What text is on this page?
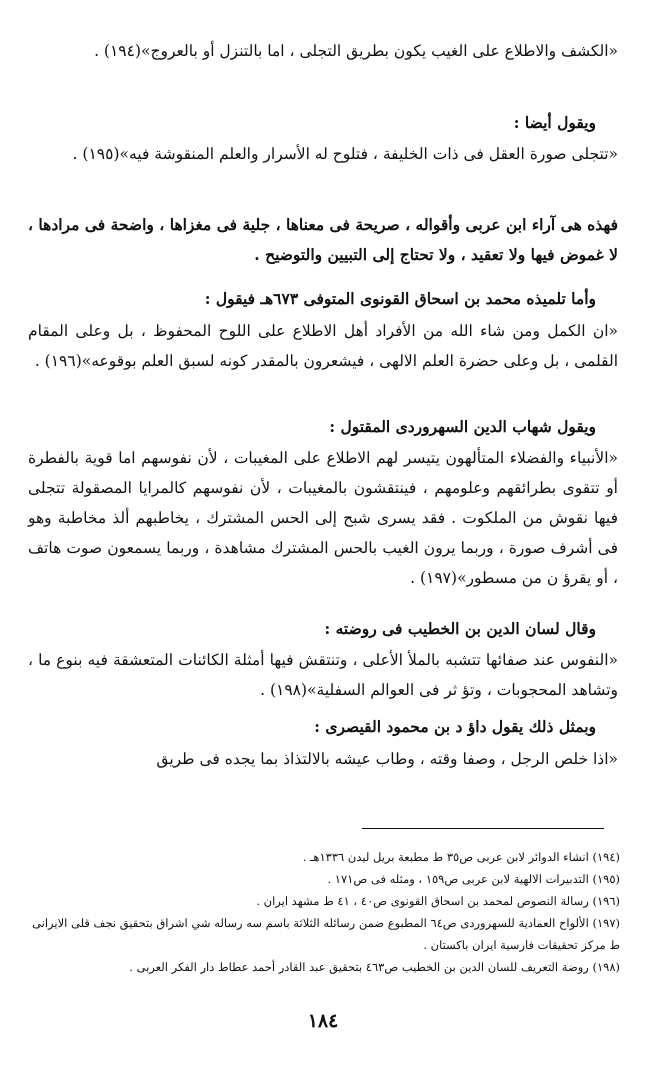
«الكشف والاطلاع على الغيب يكون بطريق التجلى ، اما بالتنزل أو بالعروج»(١٩٤) .
ويقول أيضا :
«تتجلى صورة العقل فى ذات الخليفة ، فتلوح له الأسرار والعلم المنقوشة فيه»(١٩٥) .
فهذه هى آراء ابن عربى وأقواله ، صريحة فى معناها ، جلية فى مغزاها ، واضحة فى مرادها ، لا غموض فيها ولا تعقيد ، ولا تحتاج إلى التبيين والتوضيح .
وأما تلميذه محمد بن اسحاق القونوى المتوفى ٦٧٣هـ فيقول :
«ان الكمل ومن شاء الله من الأفراد أهل الاطلاع على اللوح المحفوظ ، بل وعلى المقام القلمى ، بل وعلى حضرة العلم الالهى ، فيشعرون بالمقدر كونه لسبق العلم بوقوعه»(١٩٦) .
ويقول شهاب الدين السهروردى المقتول :
«الأنبياء والفضلاء المتألهون يتيسر لهم الاطلاع على المغيبات ، لأن نفوسهم اما قوية بالفطرة أو تتقوى بطرائقهم وعلومهم ، فينتقشون بالمغيبات ، لأن نفوسهم كالمرايا المصقولة تتجلى فيها نقوش من الملكوت . فقد يسرى شبح إلى الحس المشترك ، يخاطبهم ألذ مخاطبة وهو فى أشرف صورة ، وربما يرون الغيب بالحس المشترك مشاهدة ، وربما يسمعون صوت هاتف ، أو يقرؤ ن من مسطور»(١٩٧) .
وقال لسان الدين بن الخطيب فى روضته :
«النفوس عند صفائها تتشبه بالملأ الأعلى ، وتنتقش فيها أمثلة الكائنات المتعشقة فيه بنوع ما ، وتشاهد المحجوبات ، وتؤ ثر فى العوالم السفلية»(١٩٨) .
وبمثل ذلك يقول داؤ د بن محمود القيصرى :
«اذا خلص الرجل ، وصفا وقته ، وطاب عيشه بالالتذاذ بما يجده فى طريق

(١٩٤) انشاء الدوائر لابن عربى ص٣٥ ط مطبعة بريل ليدن ١٣٣٦هـ .

(١٩٥) التدبيرات الالهية لابن عربى ص١٥٩ ، ومثله فى ص١٧١ .

(١٩٦) رسالة النصوص لمحمد بن اسحاق القونوى ص٤٠ ، ٤١ ط مشهد ايران .

(١٩٧) الألواح العمادية للسهروردى ص٦٤ المطبوع ضمن رسائله الثلاثة باسم سه رساله شي اشراق بتحقيق نجف قلى الايرانى ط مركز تحقيقات فارسية ايران باكستان .

(١٩٨) روضة التعريف للسان الدين بن الخطيب ص٤٦٣ بتحقيق عبد القادر أحمد عطاط دار الفكر العربى .

١٨٤
